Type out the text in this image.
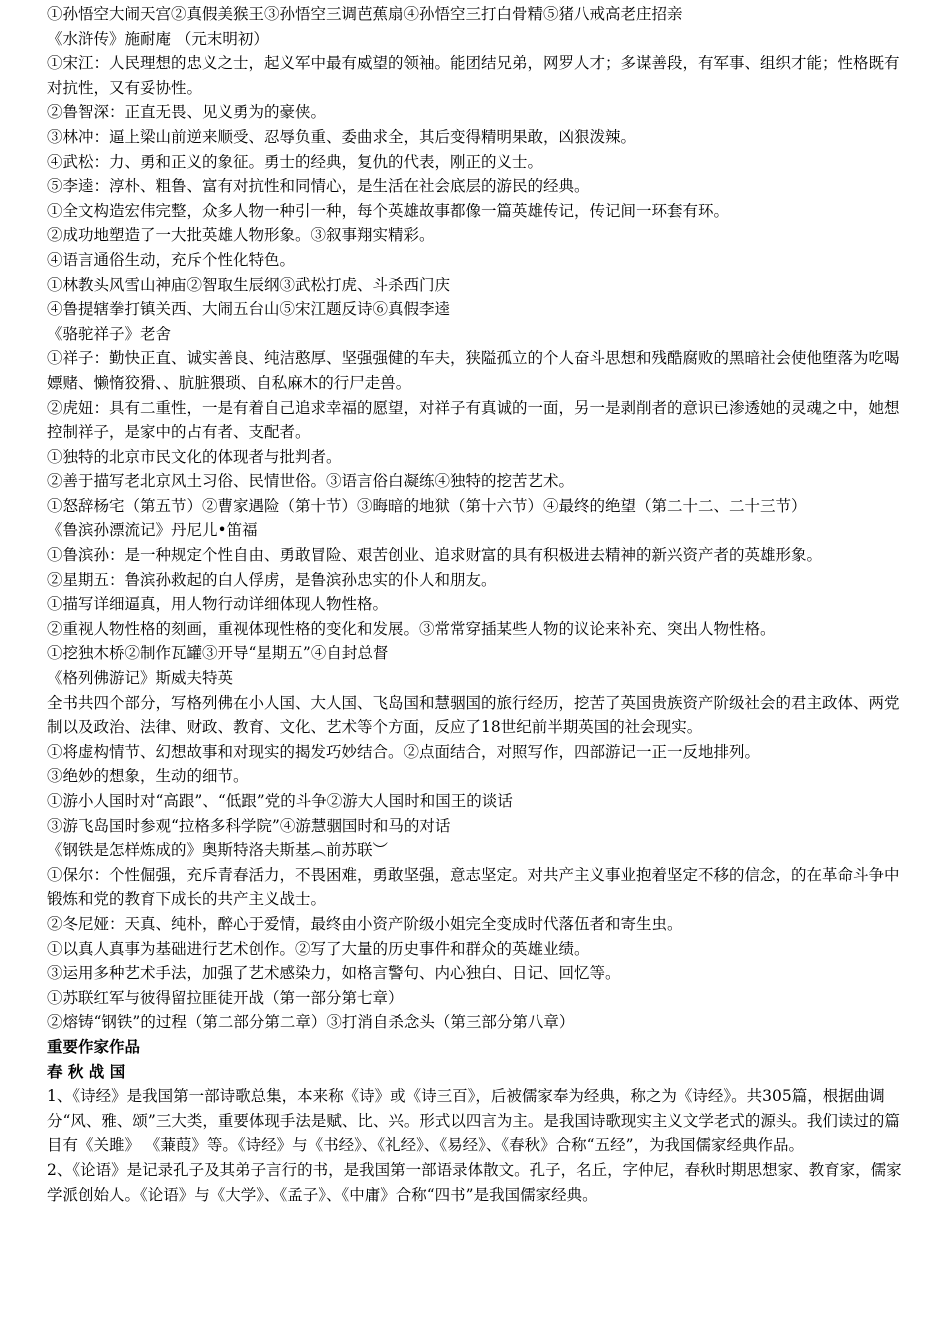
①孙悟空大闹天宫②真假美猴王③孙悟空三调芭蕉扇④孙悟空三打白骨精⑤猪八戒高老庄招亲

《水浒传》施耐庵 （元末明初）

①宋江：人民理想的忠义之士，起义军中最有威望的领袖。能团结兄弟，网罗人才；多谋善段，有军事、组织才能；性格既有对抗性，又有妥协性。

②鲁智深：正直无畏、见义勇为的豪侠。

③林冲：逼上梁山前逆来顺受、忍辱负重、委曲求全，其后变得精明果敢，凶狠泼辣。

④武松：力、勇和正义的象征。勇士的经典，复仇的代表，刚正的义士。

⑤李逵：淳朴、粗鲁、富有对抗性和同情心，是生活在社会底层的游民的经典。

①全文构造宏伟完整，众多人物一种引一种，每个英雄故事都像一篇英雄传记，传记间一环套有环。

②成功地塑造了一大批英雄人物形象。③叙事翔实精彩。

④语言通俗生动，充斥个性化特色。

①林教头风雪山神庙②智取生辰纲③武松打虎、斗杀西门庆

④鲁提辖拳打镇关西、大闹五台山⑤宋江题反诗⑥真假李逵

《骆驼祥子》老舍

①祥子：勤快正直、诚实善良、纯洁憨厚、坚强强健的车夫，狭隘孤立的个人奋斗思想和残酷腐败的黑暗社会使他堕落为吃喝嫖赌、懒惰狡猾、、肮脏猥琐、自私麻木的行尸走兽。

②虎妞：具有二重性，一是有着自己追求幸福的愿望，对祥子有真诚的一面，另一是剥削者的意识已渗透她的灵魂之中，她想控制祥子，是家中的占有者、支配者。

①独特的北京市民文化的体现者与批判者。

②善于描写老北京风土习俗、民情世俗。③语言俗白凝练④独特的挖苦艺术。

①怒辞杨宅（第五节）②曹家遇险（第十节）③晦暗的地狱（第十六节）④最终的绝望（第二十二、二十三节）

《鲁滨孙漂流记》丹尼儿•笛福

①鲁滨孙：是一种规定个性自由、勇敢冒险、艰苦创业、追求财富的具有积极进去精神的新兴资产者的英雄形象。

②星期五：鲁滨孙救起的白人俘虏，是鲁滨孙忠实的仆人和朋友。

①描写详细逼真，用人物行动详细体现人物性格。

②重视人物性格的刻画，重视体现性格的变化和发展。③常常穿插某些人物的议论来补充、突出人物性格。

①挖独木桥②制作瓦罐③开导“星期五”④自封总督

《格列佛游记》斯威夫特英

全书共四个部分，写格列佛在小人国、大人国、飞岛国和慧骃国的旅行经历，挖苦了英国贵族资产阶级社会的君主政体、两党制以及政治、法律、财政、教育、文化、艺术等个方面，反应了18世纪前半期英国的社会现实。

①将虚构情节、幻想故事和对现实的揭发巧妙结合。②点面结合，对照写作，四部游记一正一反地排列。

③绝妙的想象，生动的细节。

①游小人国时对“高跟”、“低跟”党的斗争②游大人国时和国王的谈话

③游飞岛国时参观“拉格多科学院”④游慧骃国时和马的对话

《钢铁是怎样炼成的》奥斯特洛夫斯基︵前苏联︶

①保尔：个性倔强，充斥青春活力，不畏困难，勇敢坚强，意志坚定。对共产主义事业抱着坚定不移的信念，的在革命斗争中锻炼和党的教育下成长的共产主义战士。

②冬尼娅：天真、纯朴，醉心于爱情，最终由小资产阶级小姐完全变成时代落伍者和寄生虫。

①以真人真事为基础进行艺术创作。②写了大量的历史事件和群众的英雄业绩。

③运用多种艺术手法，加强了艺术感染力，如格言警句、内心独白、日记、回忆等。

①苏联红军与彼得留拉匪徒开战（第一部分第七章）

②熔铸“钢铁”的过程（第二部分第二章）③打消自杀念头（第三部分第八章）

重要作家作品

春 秋 战 国

1、《诗经》是我国第一部诗歌总集，本来称《诗》或《诗三百》，后被儒家奉为经典，称之为《诗经》。共305篇，根据曲调分“风、雅、颂”三大类，重要体现手法是赋、比、兴。形式以四言为主。是我国诗歌现实主义文学老式的源头。我们读过的篇目有《关雎》 《蒹葭》等。《诗经》与《书经》、《礼经》、《易经》、《春秋》合称“五经”，为我国儒家经典作品。

2、《论语》是记录孔子及其弟子言行的书，是我国第一部语录体散文。孔子，名丘，字仲尼，春秋时期思想家、教育家，儒家学派创始人。《论语》与《大学》、《孟子》、《中庸》合称“四书”是我国儒家经典。
